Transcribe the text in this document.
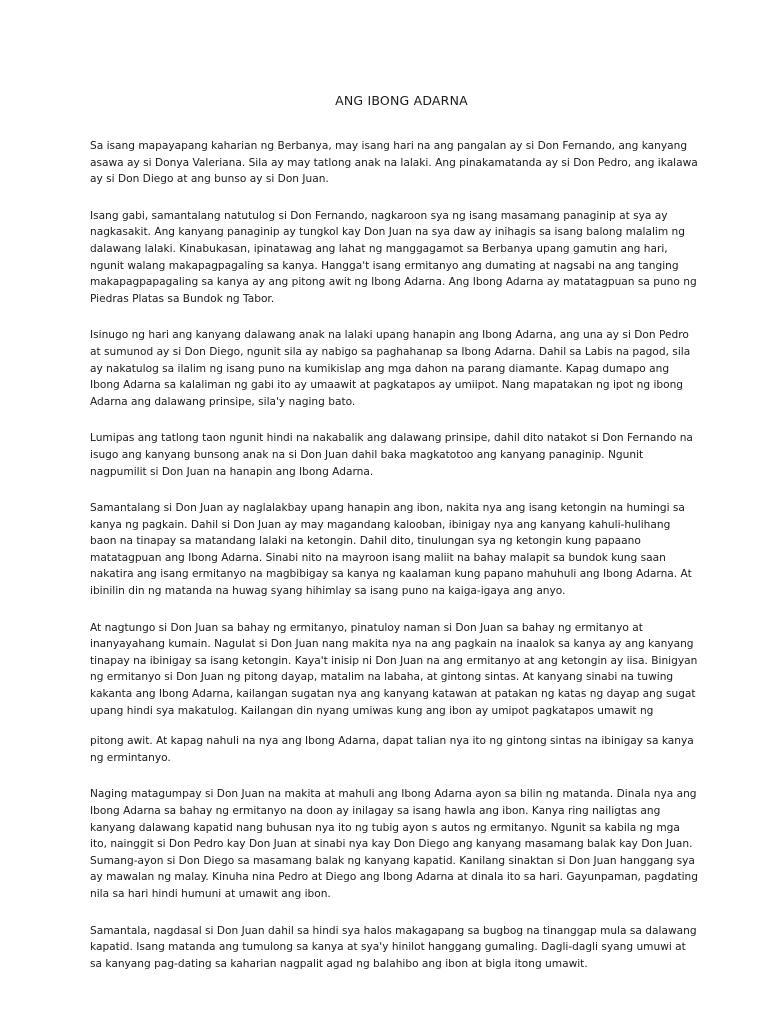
ANG IBONG ADARNA

Sa isang mapayapang kaharian ng Berbanya, may isang hari na ang pangalan ay si Don Fernando, ang kanyang asawa ay si Donya Valeriana. Sila ay may tatlong anak na lalaki. Ang pinakamatanda ay si Don Pedro, ang ikalawa ay si Don Diego at ang bunso ay si Don Juan.

Isang gabi, samantalang natutulog si Don Fernando, nagkaroon sya ng isang masamang panaginip at sya ay nagkasakit. Ang kanyang panaginip ay tungkol kay Don Juan na sya daw ay inihagis sa isang balong malalim ng dalawang lalaki. Kinabukasan, ipinatawag ang lahat ng manggagamot sa Berbanya upang gamutin ang hari, ngunit walang makapagpagaling sa kanya. Hangga't isang ermitanyo ang dumating at nagsabi na ang tanging makapagpapagaling sa kanya ay ang pitong awit ng Ibong Adarna. Ang Ibong Adarna ay matatagpuan sa puno ng Piedras Platas sa Bundok ng Tabor.

Isinugo ng hari ang kanyang dalawang anak na lalaki upang hanapin ang Ibong Adarna, ang una ay si Don Pedro at sumunod ay si Don Diego, ngunit sila ay nabigo sa paghahanap sa Ibong Adarna. Dahil sa Labis na pagod, sila ay nakatulog sa ilalim ng isang puno na kumikislap ang mga dahon na parang diamante. Kapag dumapo ang Ibong Adarna sa kalaliman ng gabi ito ay umaawit at pagkatapos ay umiipot. Nang mapatakan ng ipot ng ibong Adarna ang dalawang prinsipe, sila'y naging bato.

Lumipas ang tatlong taon ngunit hindi na nakabalik ang dalawang prinsipe, dahil dito natakot si Don Fernando na isugo ang kanyang bunsong anak na si Don Juan dahil baka magkatotoo ang kanyang panaginip. Ngunit nagpumilit si Don Juan na hanapin ang Ibong Adarna.

Samantalang si Don Juan ay naglalakbay upang hanapin ang ibon, nakita nya ang isang ketongin na humingi sa kanya ng pagkain. Dahil si Don Juan ay may magandang kalooban, ibinigay nya ang kanyang kahuli-hulihang baon na tinapay sa matandang lalaki na ketongin. Dahil dito, tinulungan sya ng ketongin kung papaano matatagpuan ang Ibong Adarna. Sinabi nito na mayroon isang maliit na bahay malapit sa bundok kung saan nakatira ang isang ermitanyo na magbibigay sa kanya ng kaalaman kung papano mahuhuli ang Ibong Adarna. At ibinilin din ng matanda na huwag syang hihimlay sa isang puno na kaiga-igaya ang anyo.

At nagtungo si Don Juan sa bahay ng ermitanyo, pinatuloy naman si Don Juan sa bahay ng ermitanyo at inanyayahang kumain. Nagulat si Don Juan nang makita nya na ang pagkain na inaalok sa kanya ay ang kanyang tinapay na ibinigay sa isang ketongin. Kaya't inisip ni Don Juan na ang ermitanyo at ang ketongin ay iisa. Binigyan ng ermitanyo si Don Juan ng pitong dayap, matalim na labaha, at gintong sintas. At kanyang sinabi na tuwing kakanta ang Ibong Adarna, kailangan sugatan nya ang kanyang katawan at patakan ng katas ng dayap ang sugat upang hindi sya makatulog. Kailangan din nyang umiwas kung ang ibon ay umipot pagkatapos umawit ng

pitong awit. At kapag nahuli na nya ang Ibong Adarna, dapat talian nya ito ng gintong sintas na ibinigay sa kanya ng ermintanyo.

Naging matagumpay si Don Juan na makita at mahuli ang Ibong Adarna ayon sa bilin ng matanda. Dinala nya ang Ibong Adarna sa bahay ng ermitanyo na doon ay inilagay sa isang hawla ang ibon. Kanya ring nailigtas ang kanyang dalawang kapatid nang buhusan nya ito ng tubig ayon s autos ng ermitanyo. Ngunit sa kabila ng mga ito, nainggit si Don Pedro kay Don Juan at sinabi nya kay Don Diego ang kanyang masamang balak kay Don Juan. Sumang-ayon si Don Diego sa masamang balak ng kanyang kapatid. Kanilang sinaktan si Don Juan hanggang sya ay mawalan ng malay. Kinuha nina Pedro at Diego ang Ibong Adarna at dinala ito sa hari. Gayunpaman, pagdating nila sa hari hindi humuni at umawit ang ibon.

Samantala, nagdasal si Don Juan dahil sa hindi sya halos makagapang sa bugbog na tinanggap mula sa dalawang kapatid. Isang matanda ang tumulong sa kanya at sya'y hinilot hanggang gumaling. Dagli-dagli syang umuwi at sa kanyang pag-dating sa kaharian nagpalit agad ng balahibo ang ibon at bigla itong umawit.
